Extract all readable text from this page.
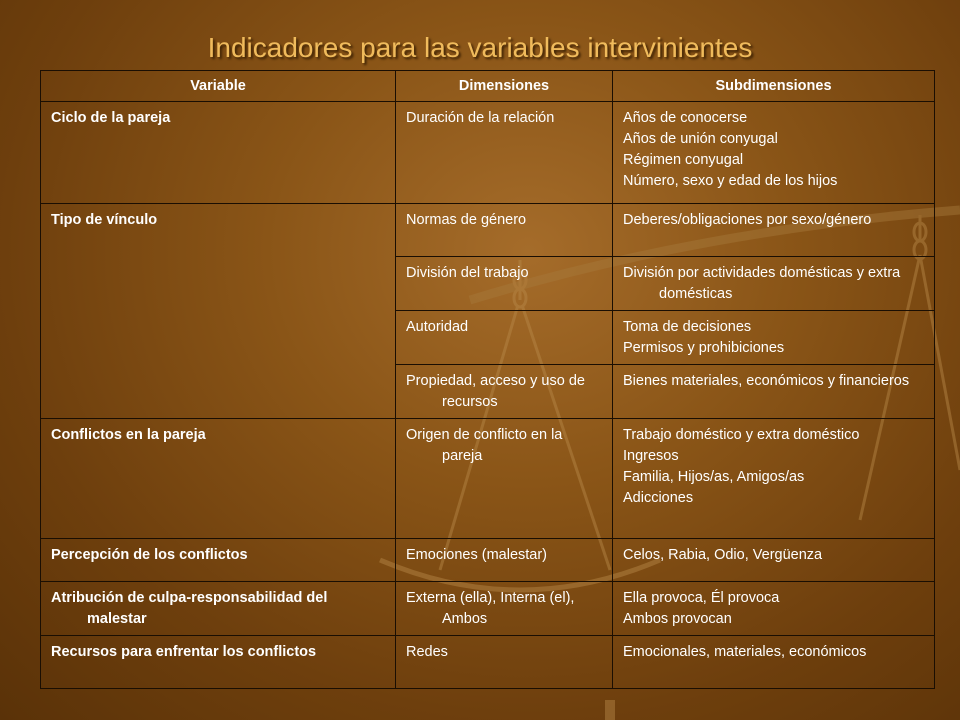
Indicadores para las variables intervinientes
Variable	Dimensiones	Subdimensiones

Ciclo de la pareja	Duración de la relación	Años de conocerse
Años de unión conyugal
Régimen conyugal
Número, sexo y edad de los hijos

Tipo de vínculo	Normas de género	Deberes/obligaciones por sexo/género

	División del trabajo	División por actividades domésticas y extra domésticas

	Autoridad	Toma de decisiones
Permisos y prohibiciones

	Propiedad, acceso y uso de recursos	Bienes materiales, económicos y financieros

Conflictos en la pareja	Origen de conflicto en la pareja	Trabajo doméstico y extra doméstico
Ingresos
Familia, Hijos/as, Amigos/as
Adicciones

Percepción de los conflictos	Emociones (malestar)	Celos, Rabia, Odio, Vergüenza

Atribución de culpa-responsabilidad del malestar	Externa (ella), Interna (el), Ambos	Ella provoca, Él provoca
Ambos provocan

Recursos para enfrentar los conflictos	Redes	Emocionales, materiales, económicos
